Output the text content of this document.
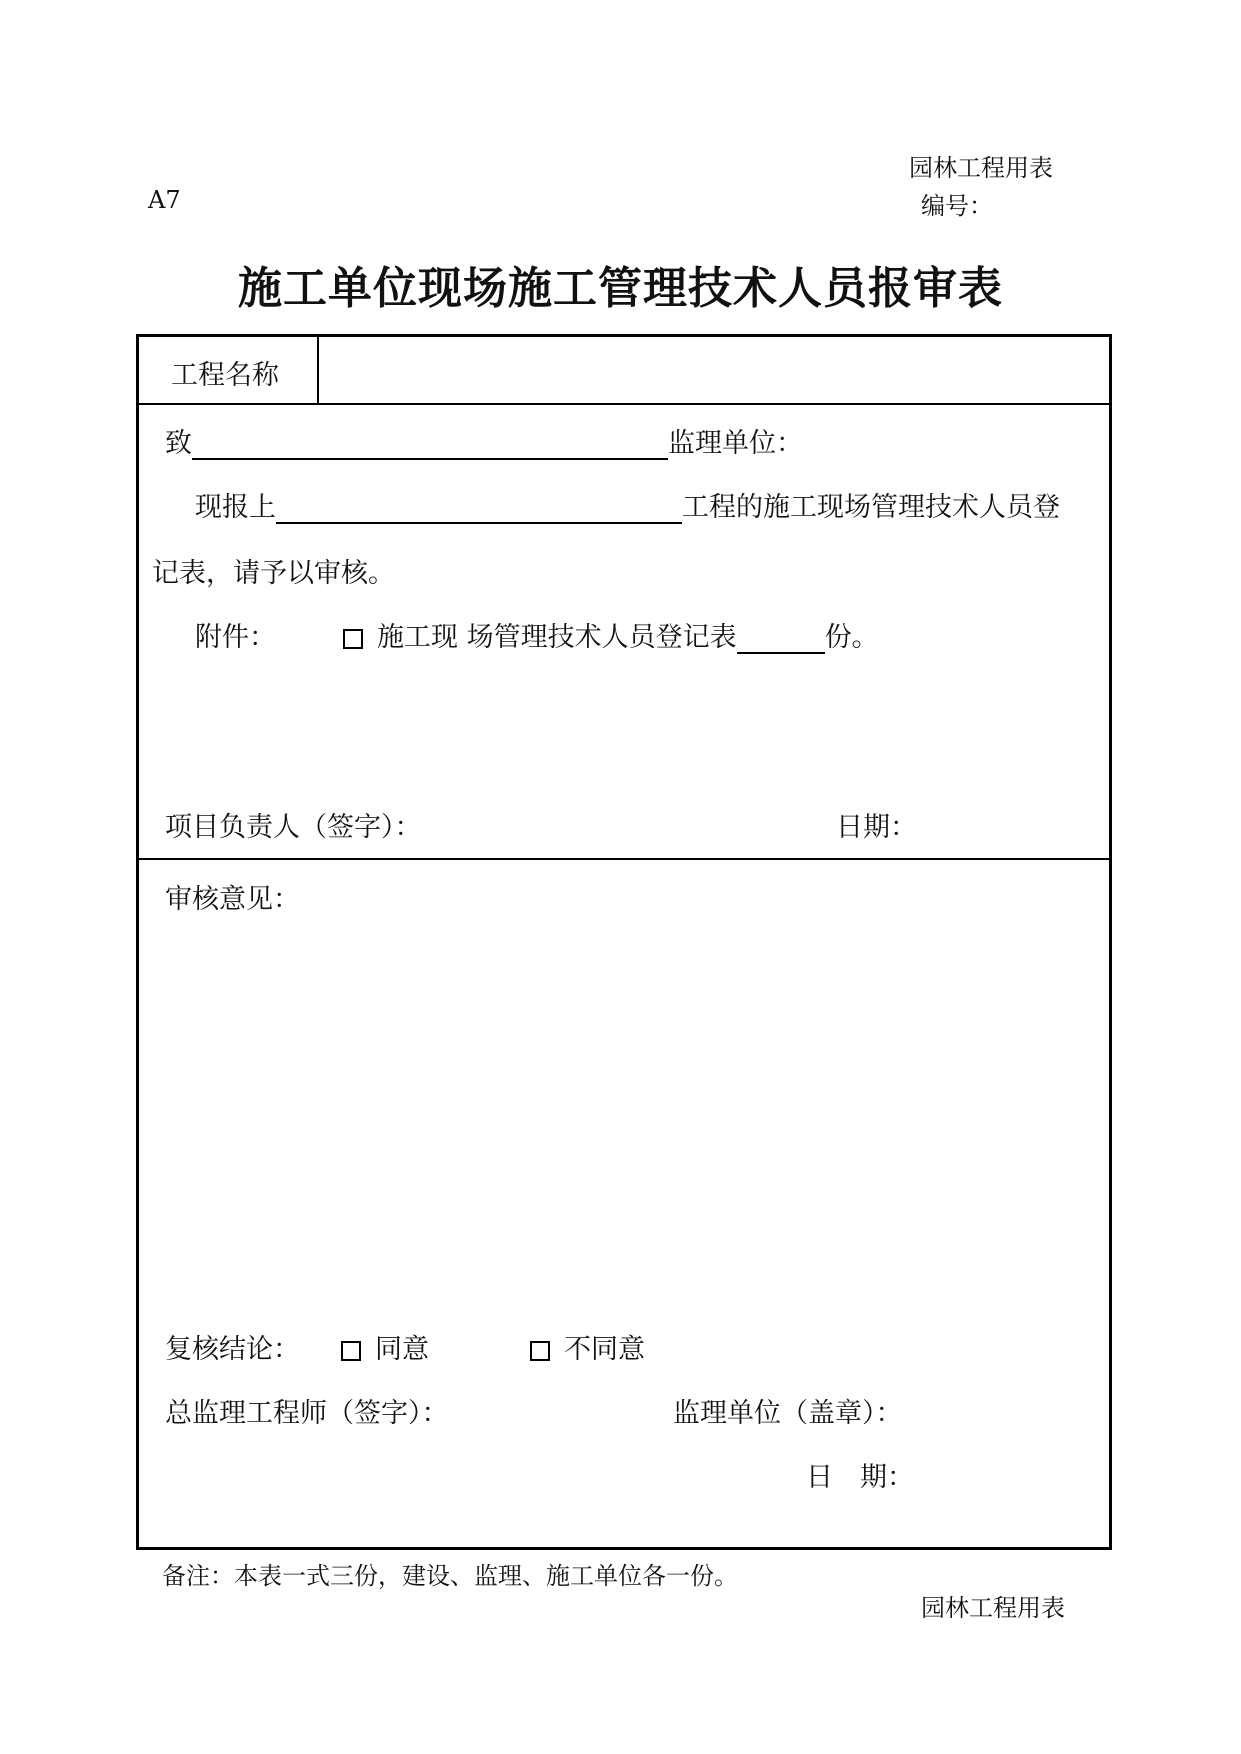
园林工程用表
A7	编号：
施工单位现场施工管理技术人员报审表
工程名称
致	监理单位：
现报上	工程的施工现场管理技术人员登
记表，请予以审核。
附件：	施工现 场管理技术人员登记表	份。
项目负责人（签字）：	日期：
审核意见：
复核结论：	同意	不同意
总监理工程师（签字）：	监理单位（盖章）：
日　期：
备注：本表一式三份，建设、监理、施工单位各一份。
园林工程用表
